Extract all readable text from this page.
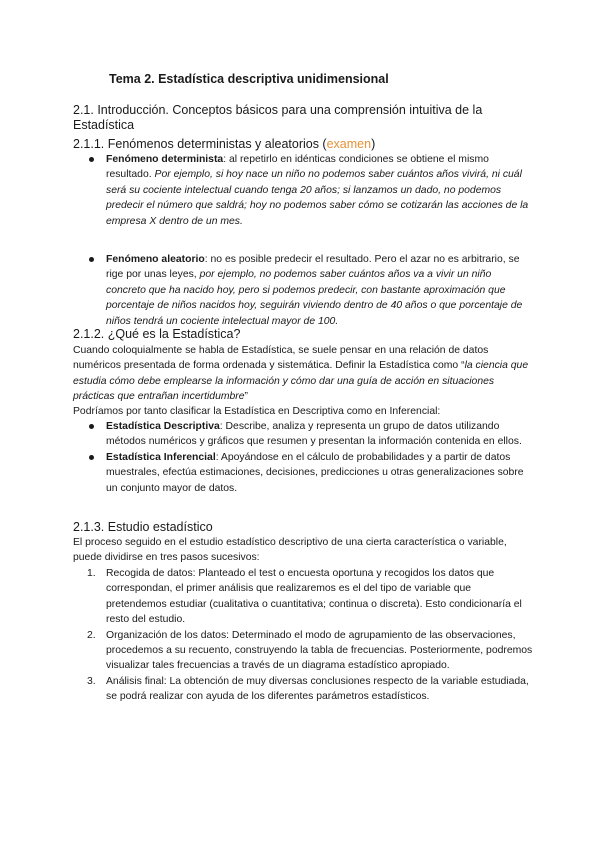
Tema 2. Estadística descriptiva unidimensional
2.1. Introducción. Conceptos básicos para una comprensión intuitiva de la Estadística
2.1.1. Fenómenos deterministas y aleatorios (examen)
Fenómeno determinista: al repetirlo en idénticas condiciones se obtiene el mismo resultado. Por ejemplo, si hoy nace un niño no podemos saber cuántos años vivirá, ni cuál será su cociente intelectual cuando tenga 20 años; si lanzamos un dado, no podemos predecir el número que saldrá; hoy no podemos saber cómo se cotizarán las acciones de la empresa X dentro de un mes.
Fenómeno aleatorio: no es posible predecir el resultado. Pero el azar no es arbitrario, se rige por unas leyes, por ejemplo, no podemos saber cuántos años va a vivir un niño concreto que ha nacido hoy, pero si podemos predecir, con bastante aproximación que porcentaje de niños nacidos hoy, seguirán viviendo dentro de 40 años o que porcentaje de niños tendrá un cociente intelectual mayor de 100.
2.1.2. ¿Qué es la Estadística?

Cuando coloquialmente se habla de Estadística, se suele pensar en una relación de datos numéricos presentada de forma ordenada y sistemática. Definir la Estadística como “la ciencia que estudia cómo debe emplearse la información y cómo dar una guía de acción en situaciones prácticas que entrañan incertidumbre”

Podríamos por tanto clasificar la Estadística en Descriptiva como en Inferencial:

Estadística Descriptiva: Describe, analiza y representa un grupo de datos utilizando métodos numéricos y gráficos que resumen y presentan la información contenida en ellos.
Estadística Inferencial: Apoyándose en el cálculo de probabilidades y a partir de datos muestrales, efectúa estimaciones, decisiones, predicciones u otras generalizaciones sobre un conjunto mayor de datos.
2.1.3. Estudio estadístico

El proceso seguido en el estudio estadístico descriptivo de una cierta característica o variable, puede dividirse en tres pasos sucesivos:

1. Recogida de datos: Planteado el test o encuesta oportuna y recogidos los datos que correspondan, el primer análisis que realizaremos es el del tipo de variable que pretendemos estudiar (cualitativa o cuantitativa; continua o discreta). Esto condicionaría el resto del estudio.
2. Organización de los datos: Determinado el modo de agrupamiento de las observaciones, procedemos a su recuento, construyendo la tabla de frecuencias. Posteriormente, podremos visualizar tales frecuencias a través de un diagrama estadístico apropiado.
3. Análisis final: La obtención de muy diversas conclusiones respecto de la variable estudiada, se podrá realizar con ayuda de los diferentes parámetros estadísticos.
